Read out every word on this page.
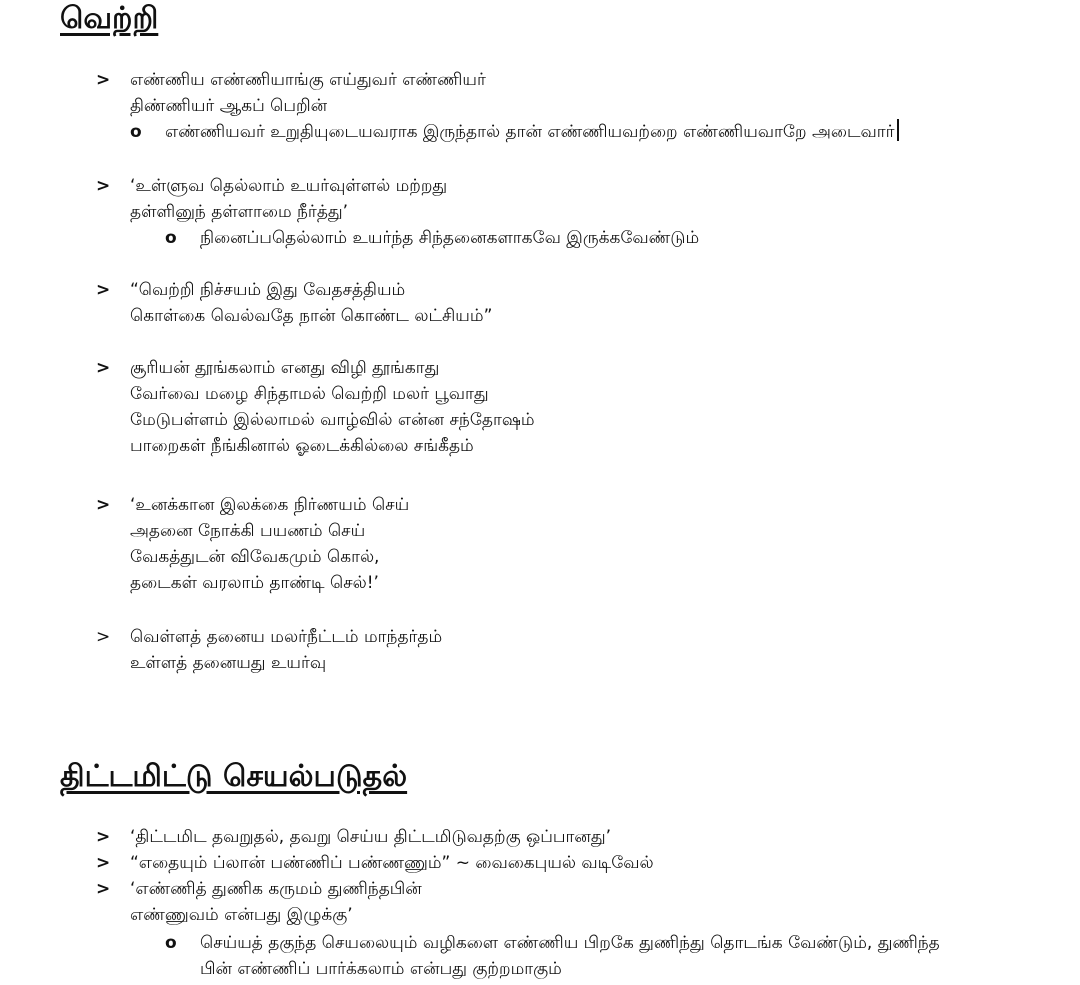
வெற்றி
> எண்ணிய எண்ணியாங்கு எய்துவர் எண்ணியர்
திண்ணியர் ஆகப் பெறின்
o எண்ணியவர் உறுதியுடையவராக இருந்தால் தான் எண்ணியவற்றை எண்ணியவாறே அடைவார்
> ‘உள்ளுவ தெல்லாம் உயர்வுள்ளல் மற்றது
தள்ளினுந் தள்ளாமை நீர்த்து’
o நினைப்பதெல்லாம் உயர்ந்த சிந்தனைகளாகவே இருக்கவேண்டும்
> “வெற்றி நிச்சயம் இது வேதசத்தியம்
கொள்கை வெல்வதே நான் கொண்ட லட்சியம்”
> சூரியன் தூங்கலாம் எனது விழி தூங்காது
வேர்வை மழை சிந்தாமல் வெற்றி மலர் பூவாது
மேடுபள்ளம் இல்லாமல் வாழ்வில் என்ன சந்தோஷம்
பாறைகள் நீங்கினால் ஓடைக்கில்லை சங்கீதம்
> ‘உனக்கான இலக்கை நிர்ணயம் செய்
அதனை நோக்கி பயணம் செய்
வேகத்துடன் விவேகமும் கொல்,
தடைகள் வரலாம் தாண்டி செல்!’
> வெள்ளத் தனைய மலர்நீட்டம் மாந்தர்தம்
உள்ளத் தனையது உயர்வு
திட்டமிட்டு செயல்படுதல்
> ‘திட்டமிட தவறுதல், தவறு செய்ய திட்டமிடுவதற்கு ஒப்பானது’
> “எதையும் ப்லான் பண்ணிப் பண்ணணும்” ~ வைகைபுயல் வடிவேல்
> ‘எண்ணித் துணிக கருமம் துணிந்தபின்
எண்ணுவம் என்பது இழுக்கு’
o செய்யத் தகுந்த செயலையும் வழிகளை எண்ணிய பிறகே துணிந்து தொடங்க வேண்டும், துணிந்த
பின் எண்ணிப் பார்க்கலாம் என்பது குற்றமாகும்
